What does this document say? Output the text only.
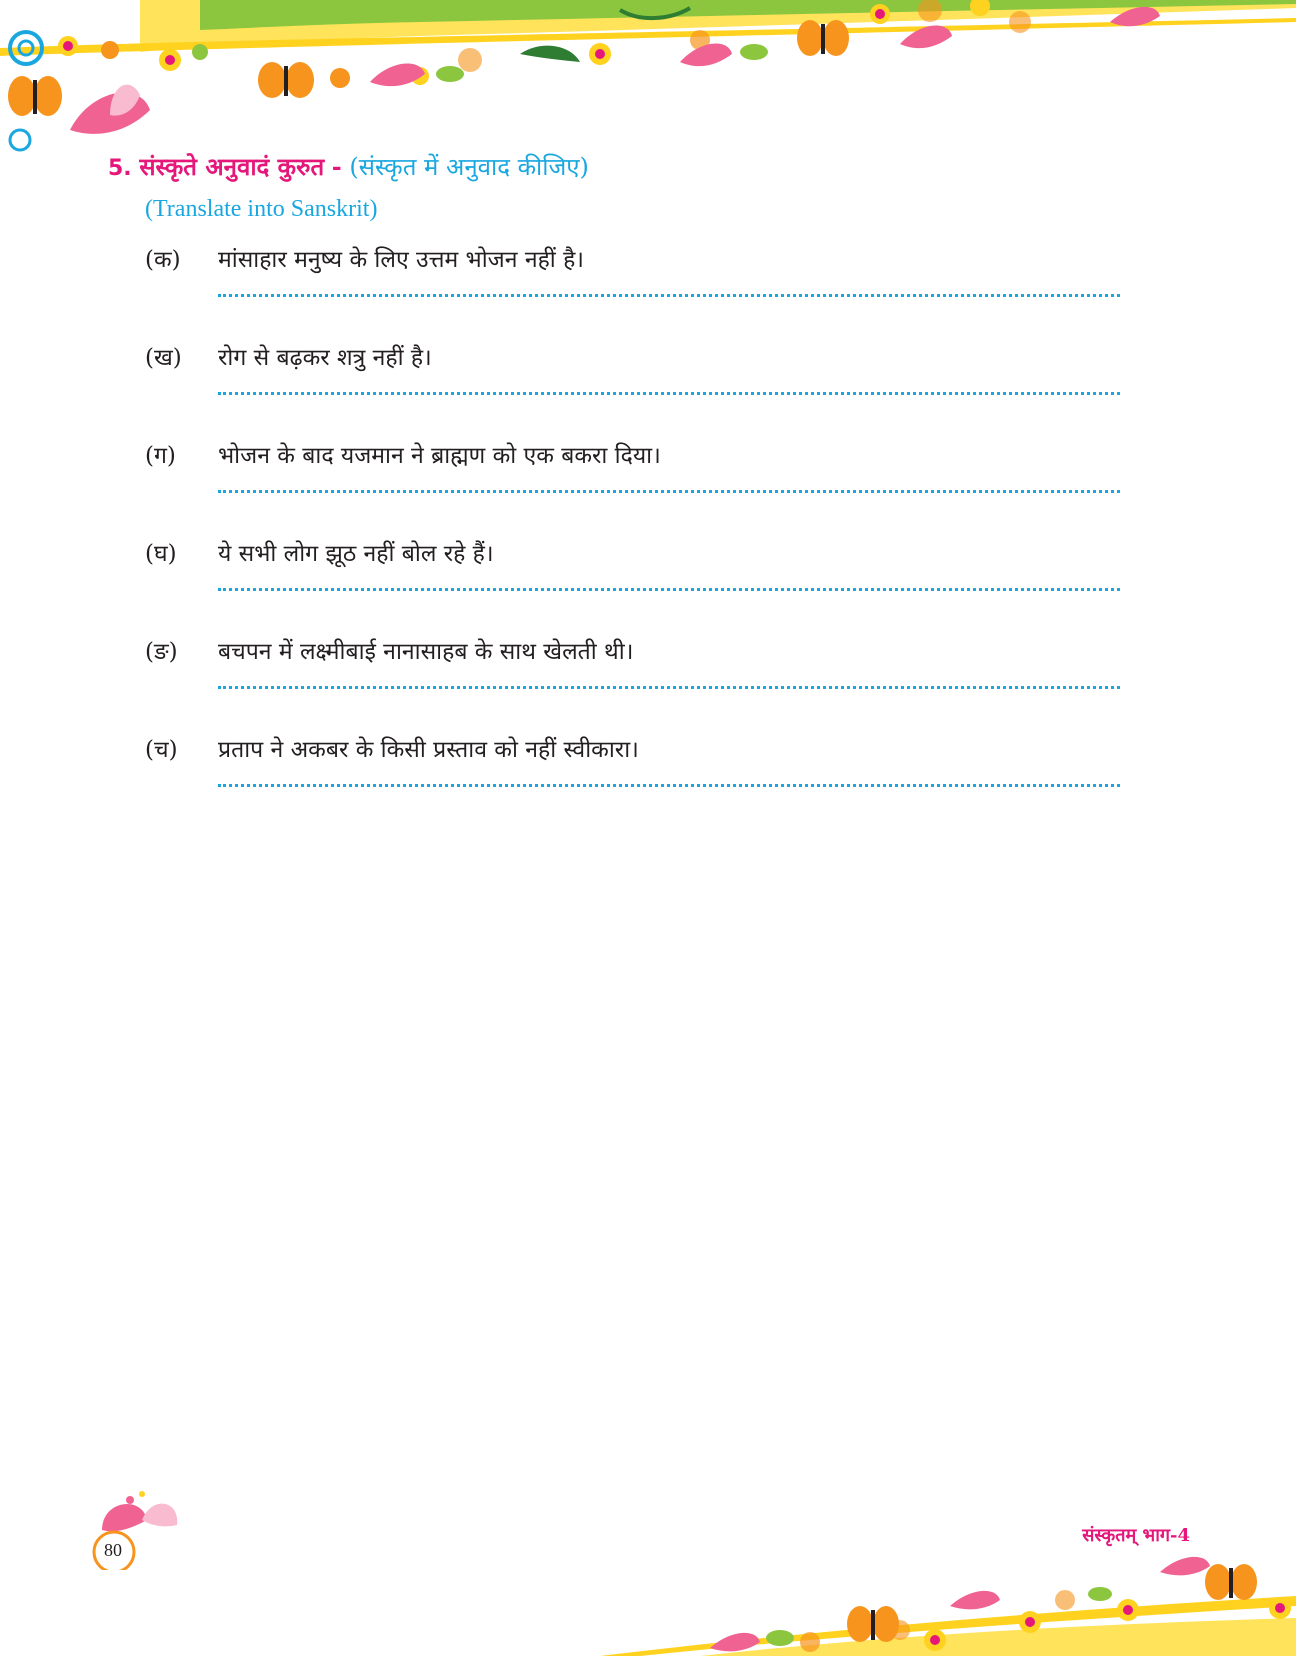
5. संस्कृते अनुवादं कुरुत - (संस्कृत में अनुवाद कीजिए)
(Translate into Sanskrit)
(क) मांसाहार मनुष्य के लिए उत्तम भोजन नहीं है।
(ख) रोग से बढ़कर शत्रु नहीं है।
(ग) भोजन के बाद यजमान ने ब्राह्मण को एक बकरा दिया।
(घ) ये सभी लोग झूठ नहीं बोल रहे हैं।
(ङ) बचपन में लक्ष्मीबाई नानासाहब के साथ खेलती थी।
(च) प्रताप ने अकबर के किसी प्रस्ताव को नहीं स्वीकारा।
80
संस्कृतम् भाग-4
